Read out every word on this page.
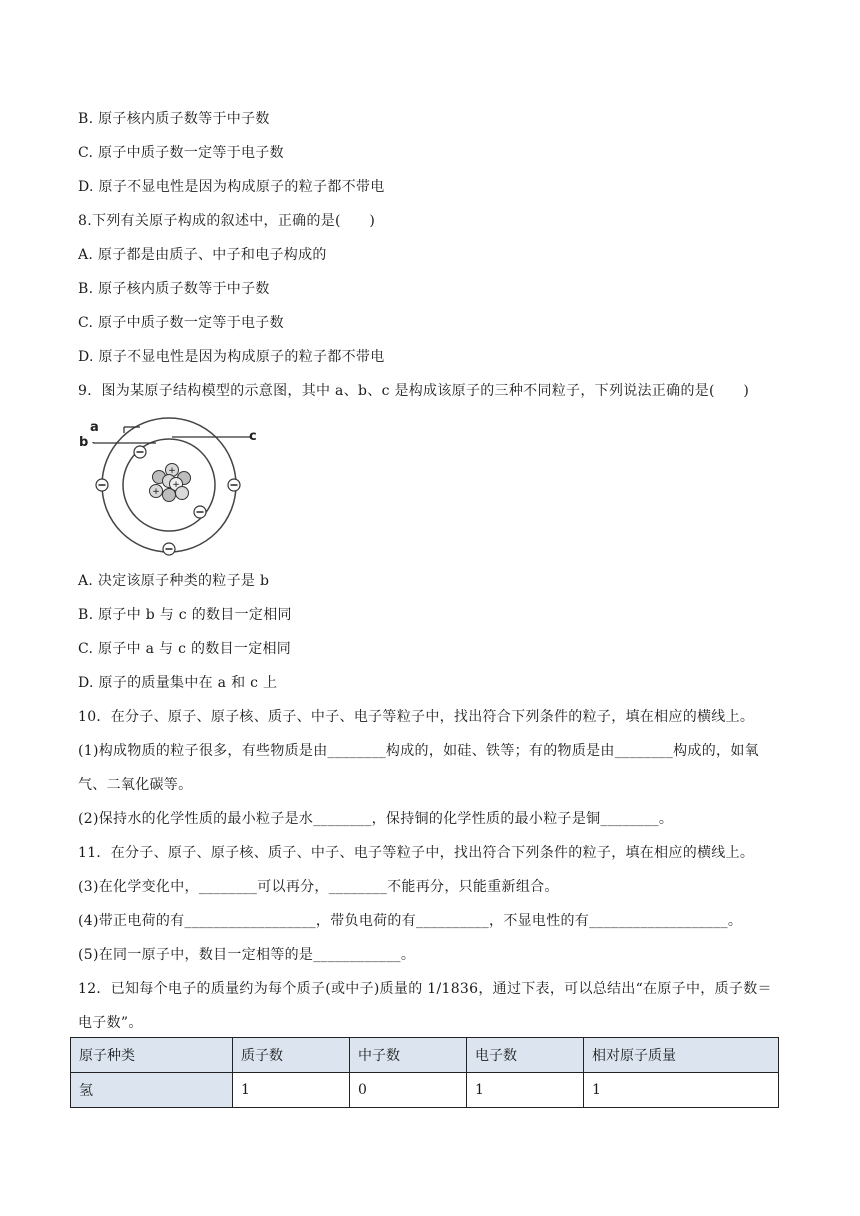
B. 原子核内质子数等于中子数
C. 原子中质子数一定等于电子数
D. 原子不显电性是因为构成原子的粒子都不带电
8.下列有关原子构成的叙述中，正确的是(　　)
A. 原子都是由质子、中子和电子构成的
B. 原子核内质子数等于中子数
C. 原子中质子数一定等于电子数
D. 原子不显电性是因为构成原子的粒子都不带电
9．图为某原子结构模型的示意图，其中 a、b、c 是构成该原子的三种不同粒子，下列说法正确的是(　　)
a
b	c
+
+
+
A. 决定该原子种类的粒子是 b
B. 原子中 b 与 c 的数目一定相同
C. 原子中 a 与 c 的数目一定相同
D. 原子的质量集中在 a 和 c 上
10．在分子、原子、原子核、质子、中子、电子等粒子中，找出符合下列条件的粒子，填在相应的横线上。
(1)构成物质的粒子很多，有些物质是由________构成的，如硅、铁等；有的物质是由________构成的，如氧气、二氧化碳等。
(2)保持水的化学性质的最小粒子是水________，保持铜的化学性质的最小粒子是铜________。
11．在分子、原子、原子核、质子、中子、电子等粒子中，找出符合下列条件的粒子，填在相应的横线上。
(3)在化学变化中，________可以再分，________不能再分，只能重新组合。
(4)带正电荷的有__________________，带负电荷的有__________，不显电性的有___________________。
(5)在同一原子中，数目一定相等的是____________。
12．已知每个电子的质量约为每个质子(或中子)质量的 1/1836，通过下表，可以总结出“在原子中，质子数＝电子数”。
原子种类	质子数	中子数	电子数	相对原子质量
氢	1	0	1	1
